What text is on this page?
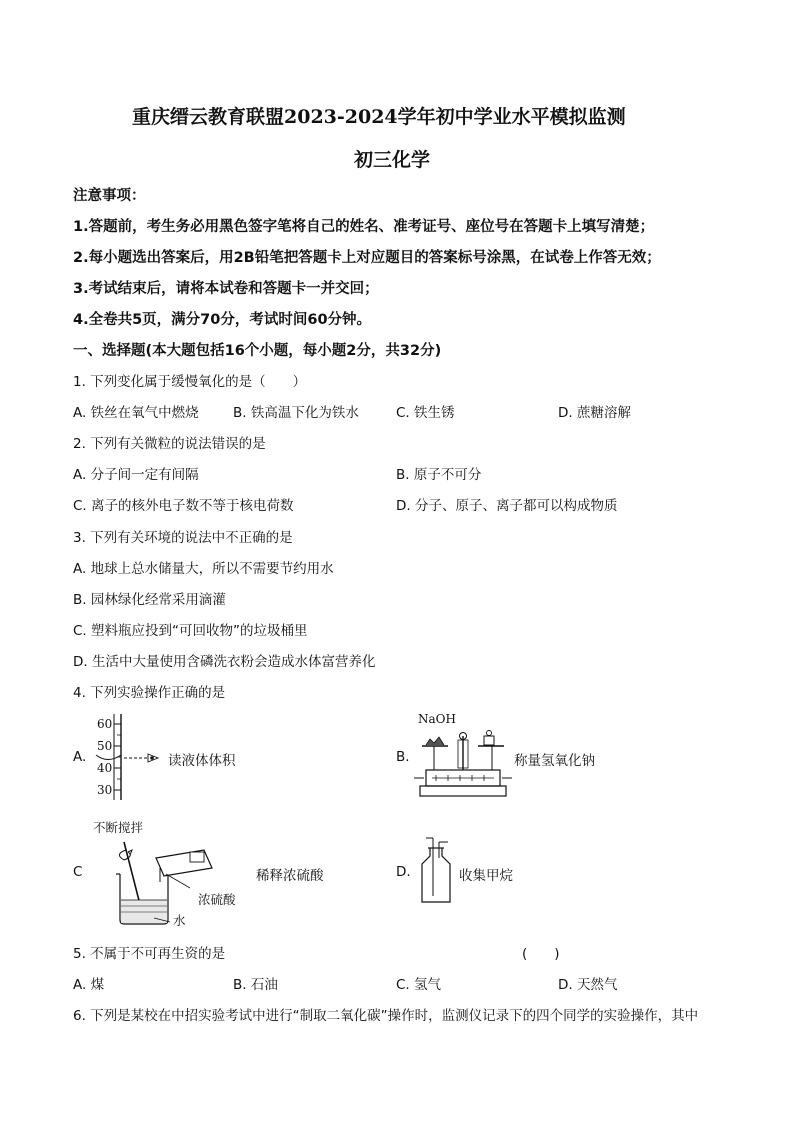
重庆缙云教育联盟2023-2024学年初中学业水平模拟监测
初三化学
注意事项：
1.答题前，考生务必用黑色签字笔将自己的姓名、准考证号、座位号在答题卡上填写清楚；
2.每小题选出答案后，用2B铅笔把答题卡上对应题目的答案标号涂黑，在试卷上作答无效；
3.考试结束后，请将本试卷和答题卡一并交回；
4.全卷共5页，满分70分，考试时间60分钟。
一、选择题(本大题包括16个小题，每小题2分，共32分)
1. 下列变化属于缓慢氧化的是（　　）
A. 铁丝在氧气中燃烧	B. 铁高温下化为铁水	C. 铁生锈	D. 蔗糖溶解
2. 下列有关微粒的说法错误的是
A. 分子间一定有间隔	B. 原子不可分
C. 离子的核外电子数不等于核电荷数	D. 分子、原子、离子都可以构成物质
3. 下列有关环境的说法中不正确的是
A. 地球上总水储量大，所以不需要节约用水
B. 园林绿化经常采用滴灌
C. 塑料瓶应投到“可回收物”的垃圾桶里
D. 生活中大量使用含磷洗衣粉会造成水体富营养化
4. 下列实验操作正确的是
A.
60
50
40
30
读液体体积	B.
NaOH
称量氢氧化钠
不断搅拌
C
浓硫酸
水
稀释浓硫酸	D.	收集甲烷
5. 不属于不可再生资的是	(　　)
A. 煤	B. 石油	C. 氢气	D. 天然气
6. 下列是某校在中招实验考试中进行“制取二氧化碳”操作时，监测仪记录下的四个同学的实验操作，其中
